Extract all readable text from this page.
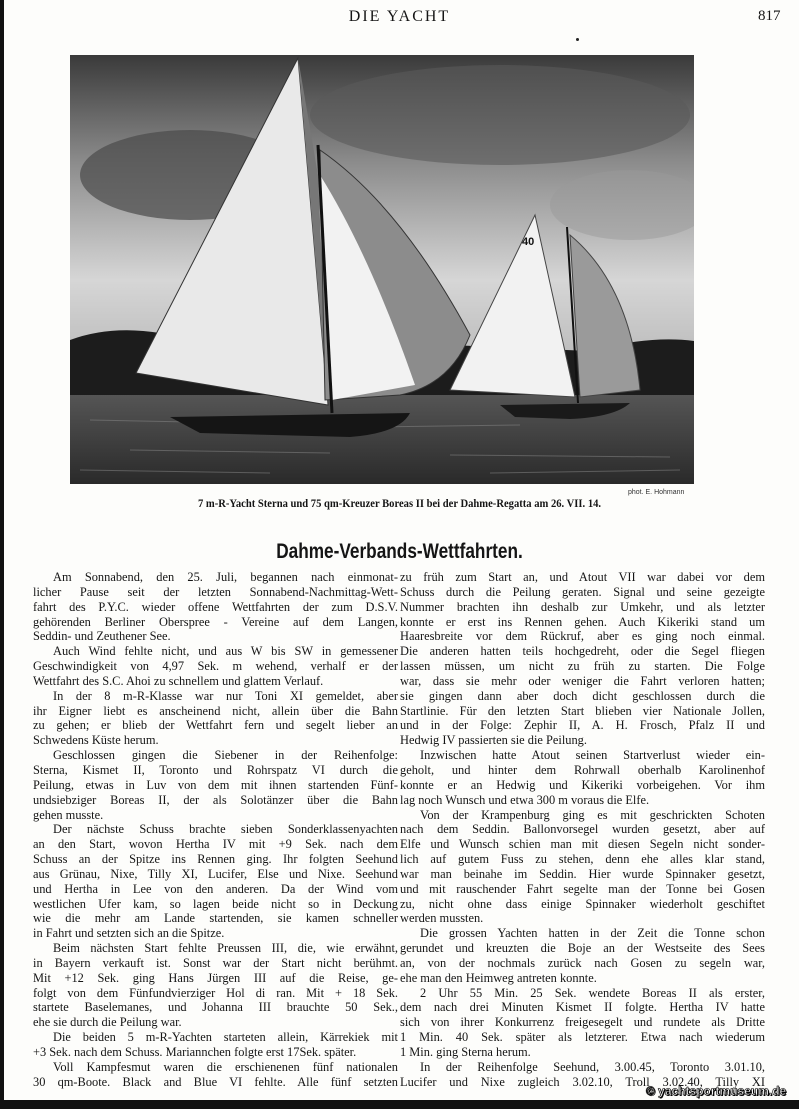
DIE YACHT	817
40
phot. E. Hohmann
7 m-R-Yacht Sterna und 75 qm-Kreuzer Boreas II bei der Dahme-Regatta am 26. VII. 14.
Dahme-Verbands-Wettfahrten.
Am Sonnabend, den 25. Juli, begannen nach einmonat-
licher Pause seit der letzten Sonnabend-Nachmittag-Wett-
fahrt des P.Y.C. wieder offene Wettfahrten der zum D.S.V.
gehörenden Berliner Oberspree - Vereine auf dem Langen,
Seddin- und Zeuthener See.
Auch Wind fehlte nicht, und aus W bis SW in gemessener
Geschwindigkeit von 4,97 Sek. m wehend, verhalf er der
Wettfahrt des S.C. Ahoi zu schnellem und glattem Verlauf.
In der 8 m-R-Klasse war nur Toni XI gemeldet, aber
ihr Eigner liebt es anscheinend nicht, allein über die Bahn
zu gehen; er blieb der Wettfahrt fern und segelt lieber an
Schwedens Küste herum.
Geschlossen gingen die Siebener in der Reihenfolge:
Sterna, Kismet II, Toronto und Rohrspatz VI durch die
Peilung, etwas in Luv von dem mit ihnen startenden Fünf-
undsiebziger Boreas II, der als Solotänzer über die Bahn
gehen musste.
Der nächste Schuss brachte sieben Sonderklassenyachten
an den Start, wovon Hertha IV mit +9 Sek. nach dem
Schuss an der Spitze ins Rennen ging. Ihr folgten Seehund
aus Grünau, Nixe, Tilly XI, Lucifer, Else und Nixe. Seehund
und Hertha in Lee von den anderen. Da der Wind vom
westlichen Ufer kam, so lagen beide nicht so in Deckung
wie die mehr am Lande startenden, sie kamen schneller
in Fahrt und setzten sich an die Spitze.
Beim nächsten Start fehlte Preussen III, die, wie erwähnt,
in Bayern verkauft ist. Sonst war der Start nicht berühmt.
Mit +12 Sek. ging Hans Jürgen III auf die Reise, ge-
folgt von dem Fünfundvierziger Hol di ran. Mit + 18 Sek.
startete Baselemanes, und Johanna III brauchte 50 Sek.,
ehe sie durch die Peilung war.
Die beiden 5 m-R-Yachten starteten allein, Kärrekiek mit
+3 Sek. nach dem Schuss. Mariannchen folgte erst 17Sek. später.
Voll Kampfesmut waren die erschienenen fünf nationalen
30 qm-Boote. Black and Blue VI fehlte. Alle fünf setzten
zu früh zum Start an, und Atout VII war dabei vor dem
Schuss durch die Peilung geraten. Signal und seine gezeigte
Nummer brachten ihn deshalb zur Umkehr, und als letzter
konnte er erst ins Rennen gehen. Auch Kikeriki stand um
Haaresbreite vor dem Rückruf, aber es ging noch einmal.
Die anderen hatten teils hochgedreht, oder die Segel fliegen
lassen müssen, um nicht zu früh zu starten. Die Folge
war, dass sie mehr oder weniger die Fahrt verloren hatten;
sie gingen dann aber doch dicht geschlossen durch die
Startlinie. Für den letzten Start blieben vier Nationale Jollen,
und in der Folge: Zephir II, A. H. Frosch, Pfalz II und
Hedwig IV passierten sie die Peilung.
Inzwischen hatte Atout seinen Startverlust wieder ein-
geholt, und hinter dem Rohrwall oberhalb Karolinenhof
konnte er an Hedwig und Kikeriki vorbeigehen. Vor ihm
lag noch Wunsch und etwa 300 m voraus die Elfe.
Von der Krampenburg ging es mit geschrickten Schoten
nach dem Seddin. Ballonvorsegel wurden gesetzt, aber auf
Elfe und Wunsch schien man mit diesen Segeln nicht sonder-
lich auf gutem Fuss zu stehen, denn ehe alles klar stand,
war man beinahe im Seddin. Hier wurde Spinnaker gesetzt,
und mit rauschender Fahrt segelte man der Tonne bei Gosen
zu, nicht ohne dass einige Spinnaker wiederholt geschiftet
werden mussten.
Die grossen Yachten hatten in der Zeit die Tonne schon
gerundet und kreuzten die Boje an der Westseite des Sees
an, von der nochmals zurück nach Gosen zu segeln war,
ehe man den Heimweg antreten konnte.
2 Uhr 55 Min. 25 Sek. wendete Boreas II als erster,
dem nach drei Minuten Kismet II folgte. Hertha IV hatte
sich von ihrer Konkurrenz freigesegelt und rundete als Dritte
1 Min. 40 Sek. später als letzterer. Etwa nach wiederum
1 Min. ging Sterna herum.
In der Reihenfolge Seehund, 3.00.45, Toronto 3.01.10,
Lucifer und Nixe zugleich 3.02.10, Troll 3.02.40, Tilly XI
© yachtsportmuseum.de
